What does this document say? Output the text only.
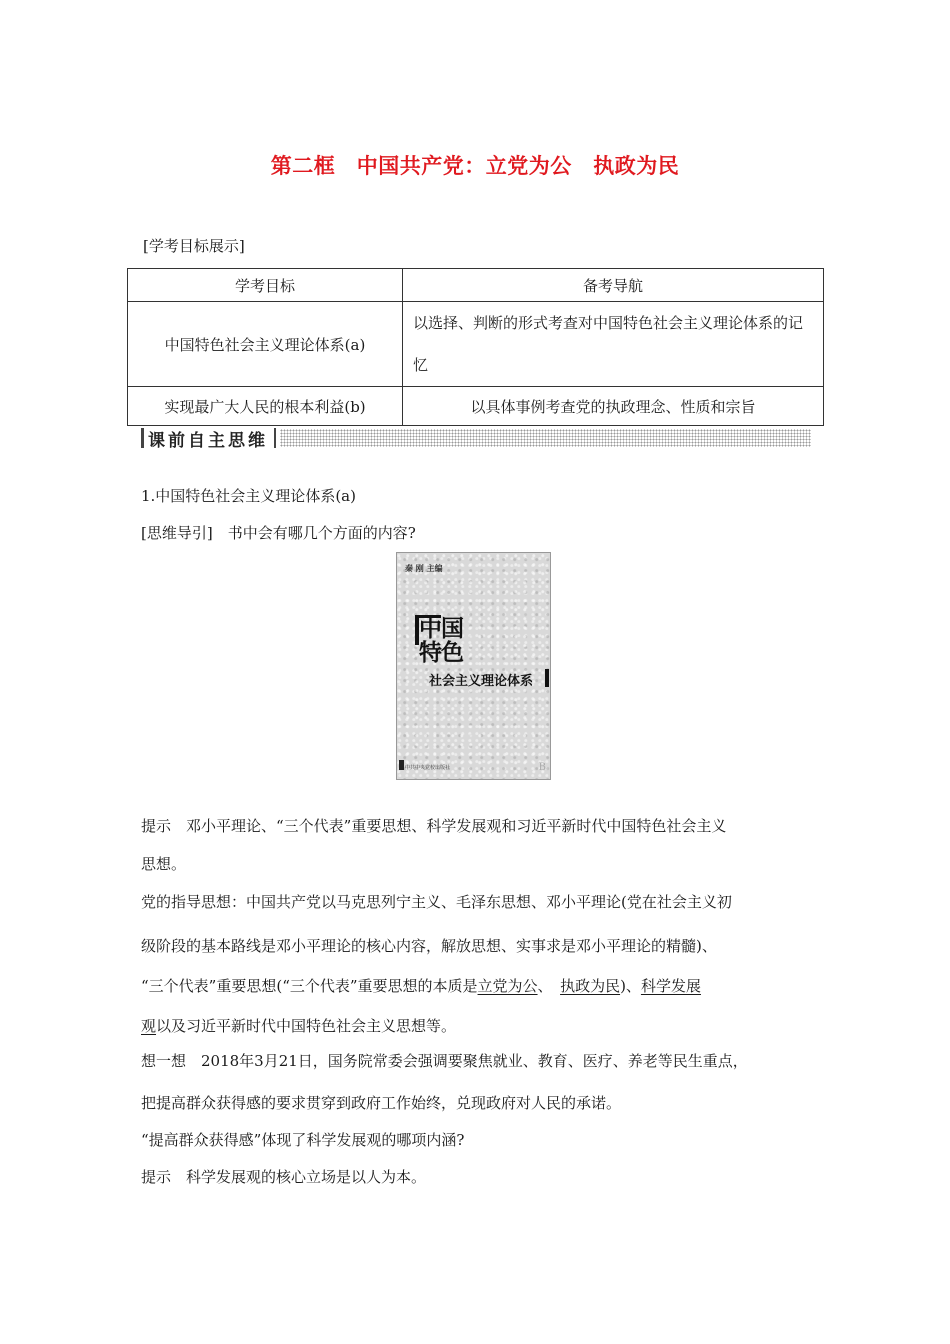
第二框　中国共产党：立党为公　执政为民
[学考目标展示]
学考目标	备考导航
中国特色社会主义理论体系(a)	以选择、判断的形式考查对中国特色社会主义理论体系的记忆
实现最广大人民的根本利益(b)	以具体事例考查党的执政理念、性质和宗旨
课前自主思维
1.中国特色社会主义理论体系(a)
[思维导引]　书中会有哪几个方面的内容?
秦 刚 主编
中国
特色
社会主义理论体系
中共中央党校出版社	B
提示　邓小平理论、“三个代表”重要思想、科学发展观和习近平新时代中国特色社会主义
思想。
党的指导思想：中国共产党以马克思列宁主义、毛泽东思想、邓小平理论(党在社会主义初
级阶段的基本路线是邓小平理论的核心内容，解放思想、实事求是邓小平理论的精髓)、
“三个代表”重要思想(“三个代表”重要思想的本质是立党为公、　执政为民)、科学发展
观以及习近平新时代中国特色社会主义思想等。
想一想　2018年3月21日，国务院常委会强调要聚焦就业、教育、医疗、养老等民生重点，
把提高群众获得感的要求贯穿到政府工作始终，兑现政府对人民的承诺。
“提高群众获得感”体现了科学发展观的哪项内涵?
提示　科学发展观的核心立场是以人为本。
